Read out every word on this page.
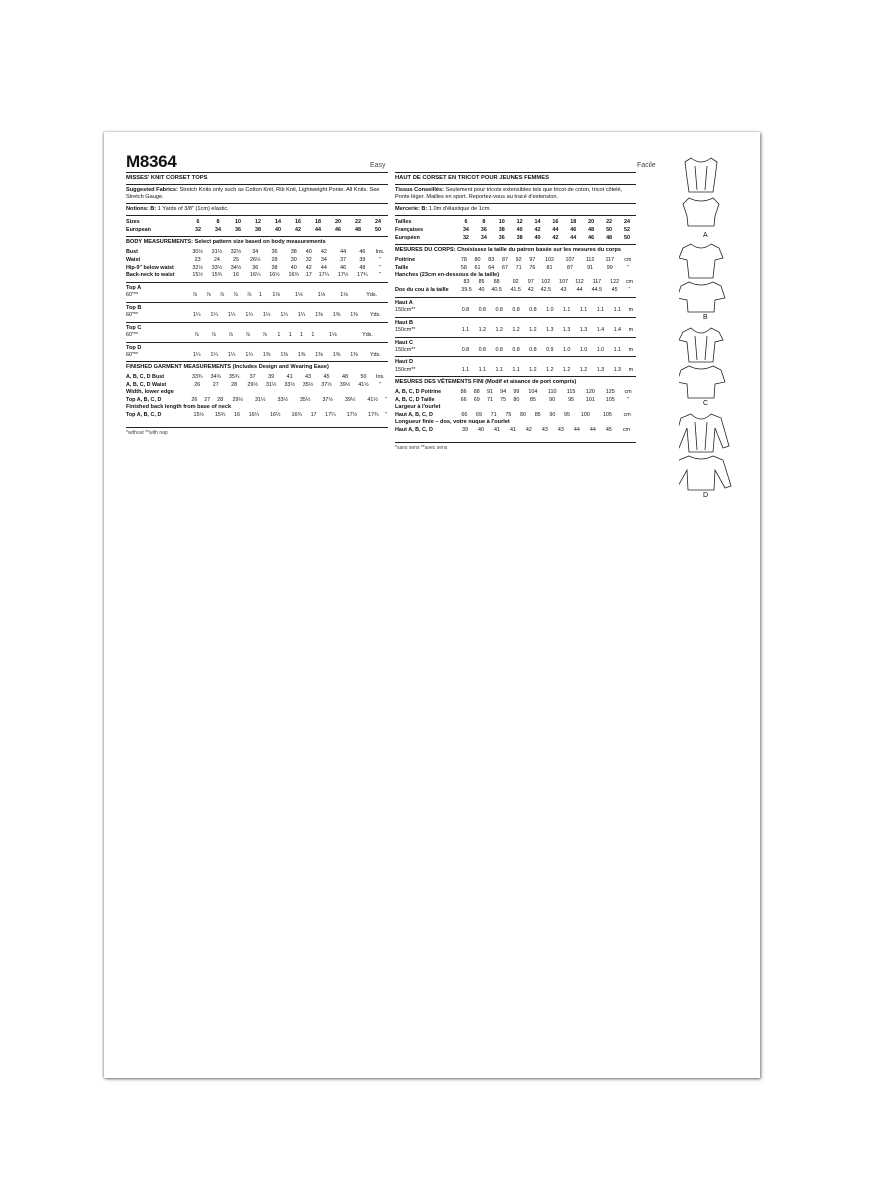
M8364	Easy	Facile
MISSES' KNIT CORSET TOPS
Suggested Fabrics: Stretch Knits only such as Cotton Knit, Rib Knit, Lightweight Ponte. All Knits. See Stretch Gauge.
Notions: B: 1 Yards of 3/8" (1cm) elastic.
Sizes	6	8	10	12	14	16	18	20	22	24	
European	32	34	36	38	40	42	44	46	48	50	
BODY MEASUREMENTS: Select pattern size based on body measurements
Bust	30½	31½	32½	34	36	38	40	42	44	46	Ins.
Waist	23	24	25	26½	28	30	32	34	37	39	"
Hip-9" below waist	32½	33½	34½	36	38	40	42	44	46	48	"
Back-neck to waist	15½	15¾	16	16¼	16½	16¾	17	17¼	17½	17¾	"
Top A
60"**	⅞	⅞	⅞	⅞	⅞	1	1⅛	1⅛	1⅛	1⅛	Yds.
Top B
60"**	1¼	1¼	1¼	1¼	1¼	1¼	1¼	1⅜	1⅜	1⅜	Yds.
Top C
60"**	⅞	⅞	⅞	⅞	⅞	1	1	1	1	1⅛	Yds.
Top D
60"**	1¼	1¼	1¼	1¼	1⅜	1⅜	1⅜	1⅜	1⅜	1⅜	Yds.
FINISHED GARMENT MEASUREMENTS (Includes Design and Wearing Ease)
A, B, C, D Bust	33¾	34¾	35¾	37	39	41	43	45	48	50	Ins.
A, B, C, D Waist	26	27	28	29½	31½	33½	35½	37½	39½	41½	"
Width, lower edge
Top A, B, C, D	26	27	28	29½	31½	33½	35½	37½	39½	41½	"
Finished back length from base of neck
Top A, B, C, D	15½	15¾	16	16¼	16½	16¾	17	17¼	17½	17¾	"
*without **with nap
HAUT DE CORSET EN TRICOT POUR JEUNES FEMMES
Tissus Conseillés: Seulement pour tricots extensibles tels que tricot de coton, tricot côtelé, Ponte léger. Mailles en sport. Reportez-vous au tracé d'extension.
Mercerie: B: 1.0m d'élastique de 1cm.
Tailles	6	8	10	12	14	16	18	20	22	24	
Françaises	34	36	38	40	42	44	46	48	50	52	
Européen	32	34	36	38	40	42	44	46	48	50	
MESURES DU CORPS: Choisissez la taille du patron basée sur les mesures du corps
Poitrine	78	80	83	87	92	97	102	107	112	117	cm
Taille	58	61	64	67	71	76	81	87	91	99	"
Hanches (23cm en-dessous de la taille)
	83	85	88	92	97	102	107	112	117	122	cm
Dos du cou à la taille	39.5	40	40.5	41.5	42	42.5	43	44	44.5	45	"
Haut A
150cm**	0.8	0.8	0.8	0.8	0.8	1.0	1.1	1.1	1.1	1.1	m
Haut B
150cm**	1.1	1.2	1.2	1.2	1.2	1.3	1.3	1.3	1.4	1.4	m
Haut C
150cm**	0.8	0.8	0.8	0.8	0.8	0.9	1.0	1.0	1.0	1.1	m
Haut D
150cm**	1.1	1.1	1.1	1.1	1.2	1.2	1.2	1.2	1.3	1.3	m
MESURES DES VÊTEMENTS FINI (Modif et aisance de port compris)
A, B, C, D Poitrine	86	88	91	94	99	104	110	115	120	125	cm
A, B, C, D Taille	66	69	71	75	80	85	90	95	101	105	"
Largeur à l'ourlet
Haut A, B, C, D	66	69	71	75	80	85	90	95	100	105	cm
Longueur finie – dos, votre nuque à l'ourlet
Haut A, B, C, D	39	40	41	41	42	43	43	44	44	45	cm
*sans sens **avec sens
A
B
C
D
